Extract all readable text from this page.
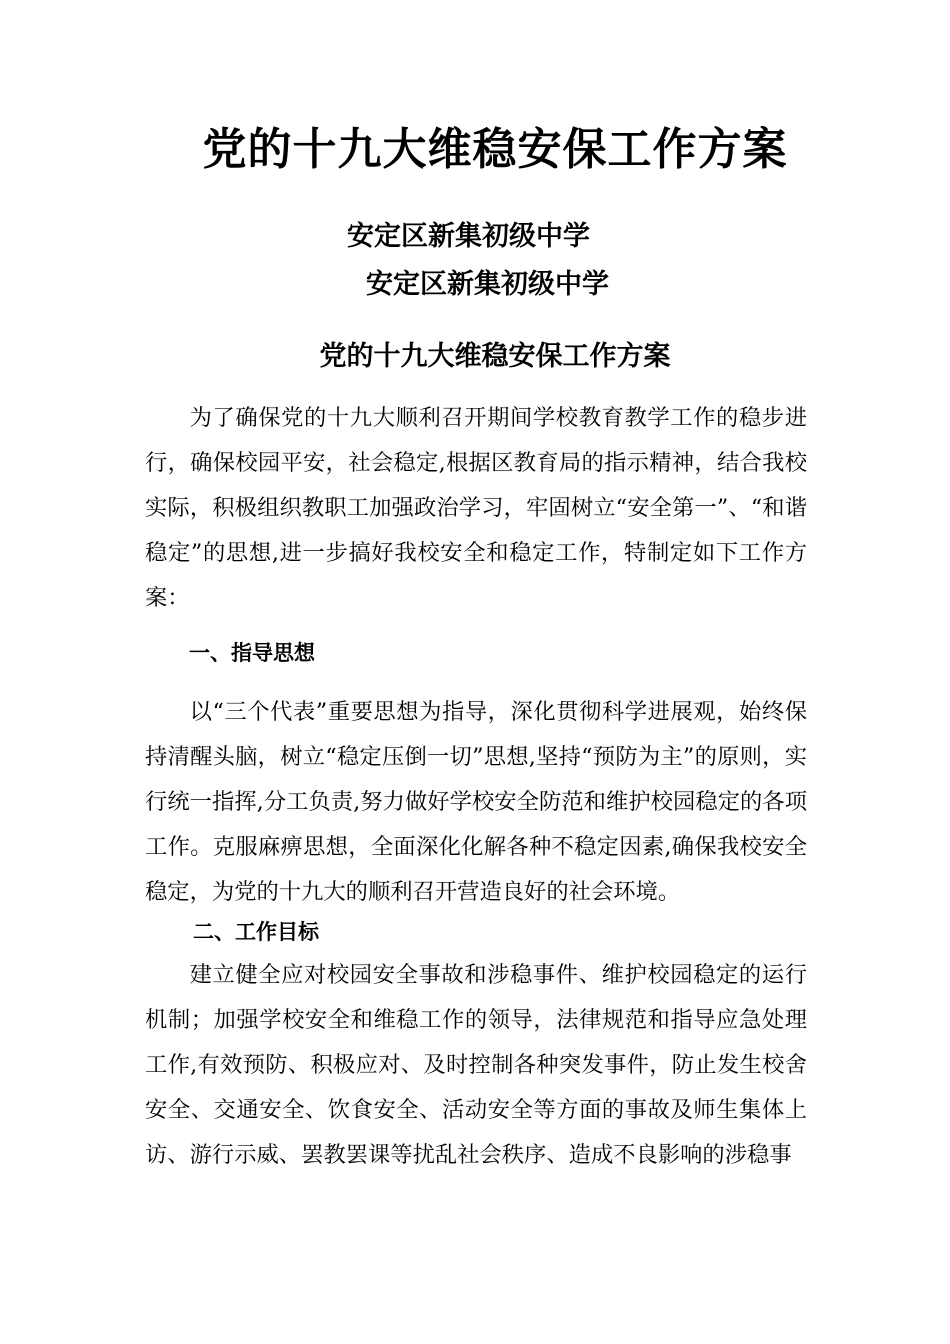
党的十九大维稳安保工作方案
安定区新集初级中学
安定区新集初级中学
党的十九大维稳安保工作方案

为了确保党的十九大顺利召开期间学校教育教学工作的稳步进行，确保校园平安，社会稳定,根据区教育局的指示精神，结合我校实际，积极组织教职工加强政治学习，牢固树立“安全第一”、“和谐稳定”的思想,进一步搞好我校安全和稳定工作，特制定如下工作方案：

一、指导思想

以“三个代表”重要思想为指导，深化贯彻科学进展观，始终保持清醒头脑，树立“稳定压倒一切”思想,坚持“预防为主”的原则，实行统一指挥,分工负责,努力做好学校安全防范和维护校园稳定的各项工作。克服麻痹思想，全面深化化解各种不稳定因素,确保我校安全稳定，为党的十九大的顺利召开营造良好的社会环境。

二、工作目标

建立健全应对校园安全事故和涉稳事件、维护校园稳定的运行机制；加强学校安全和维稳工作的领导，法律规范和指导应急处理工作,有效预防、积极应对、及时控制各种突发事件，防止发生校舍安全、交通安全、饮食安全、活动安全等方面的事故及师生集体上访、游行示威、罢教罢课等扰乱社会秩序、造成不良影响的涉稳事
